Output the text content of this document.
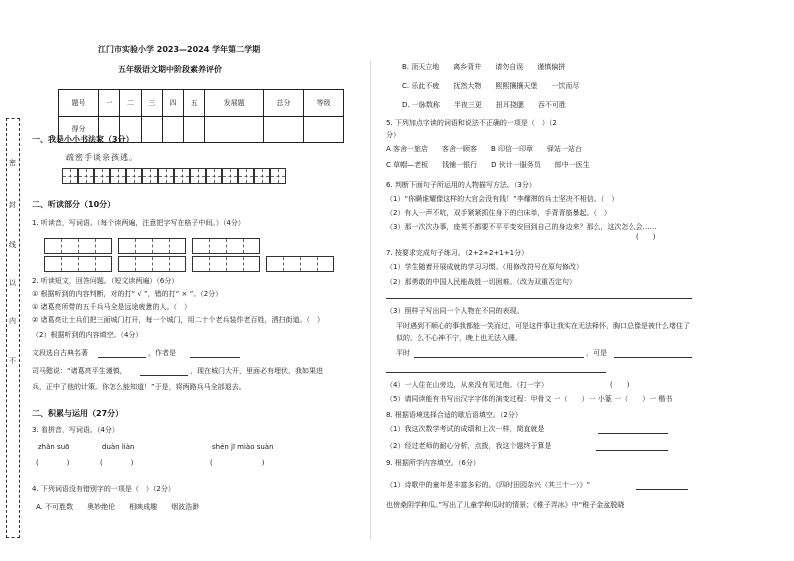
密
封
线
以
内
不
江门市实验小学 2023—2024 学年第二学期
五年级语文期中阶段素养评价
题号	一	二	三	四	五	发展题	总分	等级
得分								
一、我是小小书法家（3分）
疏密手谈亲孩逃。
二、听读部分（10分）
1. 听读音，写词语。（每个读两遍，注意把字写在格子中间。）（4分）
2. 听读短文，回答问题。（短文读两遍）（6分）
① 根据听到的内容判断，对的打“ √ ”，错的打“ × ”。（2分）
① 诸葛亮所带的五千兵马全是远途疲惫的人。（　）
② 诸葛亮让士兵们把三面城门打开，每一个城门，用二十个老兵装作老百姓，洒扫街道。（　）
（2）根据听到的内容填空。（4分）
文段选自古典名著	，作者是
司马懿说：“诸葛亮平生谨慎，	，现在城门大开，里面必有埋伏，我如果进
兵，正中了他的计策。你怎么能知道！”于是，将两路兵马全部退去。
二、积累与运用（27分）
3. 看拼音，写词语。（4分）
zhǎn suō	duàn liàn	shén jī miào suàn
(　　　　)	(　　　　)	(　　　　　　　)
4. 下列词语没有错别字的一项是（　）（2分）
A. 不可胜数　　奥妙绝伦　　相映成趣　　烟波浩渺
B. 顶天立地　　离乡背井　　请勿自误　　谨慎偏拼
C. 乐此不疲　　抚然大物　　熙熙攘攘天堡　　一饮而尽
D. 一脉数称　　半夜三更　　扭耳挠腮　　吞不可胜
5. 下列加点字读的词语和说法不正确的一项是（　）（2
分）
A 客舍一旅店　　客舍一顾客　　B 印信一印章　　驿站一站台
C 草帽—老板　　钱铺一银行　　D 伙计一服务员　　郎中一医生
6. 判断下面句子所运用的人物描写方法。（3分）
（1）“你瞒谁耀像这样的大官会没有钱！”李耀滞的兵士坚决不相信。（　）
（2）有人一声不吭，双手紧紧抓住身下的白床单，手背青筋暴起。（　）
（3）那一次次办事，座英不都要不平平变安回到自己的身边来？那么，这次怎么会……
(　　)
7. 按要求完成句子练习。（2+2+2+1+1分）
（1）学生随着开展成就的学习习惯。（用修改符号在原句修改）
（2）那勇敢的中国人民能战胜一切困难。（改为双重否定句）
（3）照样子写出同一个人物在不同的表现。
平时遇到不顺心的事我都能一笑而过，可是这件事让我实在无法释怀，胸口总像是被什么堵住了似的，么不心神不宁，晚上也无法入睡。
平时	，可是
（4）一人住在山旁边，从来没有见过他。（打一字）	(　　)
（5）请同读能有书写出汉字字体的演变过程：甲骨文 一（　　）一 小篆 一（　　）一 楷书
8. 根据语境选择合适的歇后语填空。（2分）
（1）我这次数学考试的成绩和上次一样，简直就是
（2）经过老师的耐心分析，点拨，我这个题终于算是
9. 根据所学内容填空。（6分）
（1）诗歌中的童年是丰富多彩的。《四时田园杂兴（其三十一）》“
也傍桑阴学种瓜。”写出了儿童学种瓜时的情景；《稚子弄冰》中“稚子金盆脱晓
